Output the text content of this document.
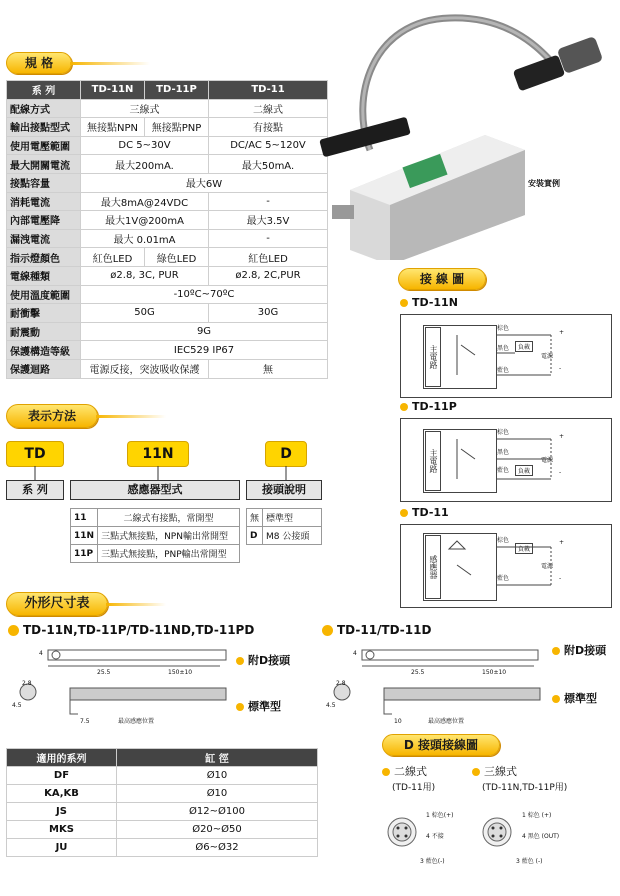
規 格
系 列	TD-11N	TD-11P	TD-11
配線方式	三線式		二線式
輸出接點型式	無接點NPN	無接點PNP	有接點
使用電壓範圍	DC 5~30V		DC/AC 5~120V
最大開關電流	最大200mA.		最大50mA.
接點容量	最大6W		
消耗電流	最大8mA@24VDC		-
內部電壓降	最大1V@200mA		最大3.5V
漏洩電流	最大 0.01mA		-
指示燈顏色	紅色LED	綠色LED	紅色LED
電線種類	ø2.8, 3C, PUR		ø2.8, 2C,PUR
使用溫度範圍	-10ºC~70ºC		
耐衝擊	50G		30G
耐震動	9G		
保護構造等級	IEC529 IP67		
保護迴路	電源反接，突波吸收保護		無
安裝實例
表示方法
TD	11N	D
系 列	感應器型式	接頭說明
11	二線式有接點，常開型
11N	三點式無接點，NPN輸出常開型
11P	三點式無接點，PNP輸出常開型
無	標準型
D	M8 公接頭
接 線 圖
TD-11N
主電路
棕色
黑色
藍色
負載
電源
+
-
TD-11P
主電路
棕色
黑色
藍色	負載
電源
+
-
TD-11
感應器
棕色
藍色
負載
電源
+
-
外形尺寸表
TD-11N,TD-11P/TD-11ND,TD-11PD	TD-11/TD-11D
4
25.5	150±10
2.8
4.5
7.5	最高感應位置
附D接頭
標準型
4
25.5	150±10
2.8
4.5
10	最高感應位置
附D接頭
標準型
適用的系列	缸 徑
DF	Ø10
KA,KB	Ø10
JS	Ø12~Ø100
MKS	Ø20~Ø50
JU	Ø6~Ø32
D 接頭接線圖
二線式
(TD-11用)
三線式
(TD-11N,TD-11P用)
1 棕色(+)
4 不接
3 藍色(-)
1 棕色 (+)
4 黑色 (OUT)
3 藍色 (-)
